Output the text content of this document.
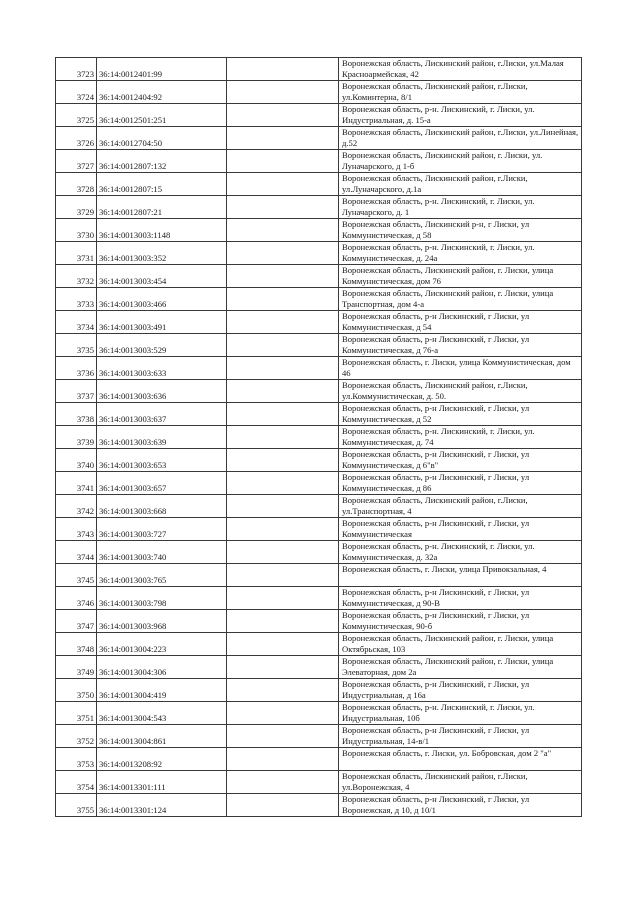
3723	36:14:0012401:99		Воронежская область, Лискинский район, г.Лиски, ул.Малая Красноармейская, 42
3724	36:14:0012404:92		Воронежская область, Лискинский район, г.Лиски, ул.Коминтерна, 8/1
3725	36:14:0012501:251		Воронежская область, р-н. Лискинский, г. Лиски, ул. Индустриальная, д. 15-а
3726	36:14:0012704:50		Воронежская область, Лискинский район, г.Лиски, ул.Линейная, д.52
3727	36:14:0012807:132		Воронежская область, Лискинский район, г. Лиски, ул. Луначарского, д 1-б
3728	36:14:0012807:15		Воронежская область, Лискинский район, г.Лиски, ул.Луначарского, д.1а
3729	36:14:0012807:21		Воронежская область, р-н. Лискинский, г. Лиски, ул. Луначарского, д. 1
3730	36:14:0013003:1148		Воронежская область, Лискинский р-н, г Лиски, ул Коммунистическая, д 58
3731	36:14:0013003:352		Воронежская область, р-н. Лискинский, г. Лиски, ул. Коммунистическая, д. 24а
3732	36:14:0013003:454		Воронежская область, Лискинский район, г. Лиски, улица Коммунистическая, дом 76
3733	36:14:0013003:466		Воронежская область, Лискинский район, г. Лиски, улица Транспортная, дом 4-а
3734	36:14:0013003:491		Воронежская область, р-н Лискинский, г Лиски, ул Коммунистическая, д 54
3735	36:14:0013003:529		Воронежская область, р-н Лискинский, г Лиски, ул Коммунистическая, д 76-а
3736	36:14:0013003:633		Воронежская область, г. Лиски, улица Коммунистическая, дом 46
3737	36:14:0013003:636		Воронежская область, Лискинский район, г.Лиски, ул.Коммунистическая, д. 50.
3738	36:14:0013003:637		Воронежская область, р-н Лискинский, г Лиски, ул Коммунистическая, д 52
3739	36:14:0013003:639		Воронежская область, р-н. Лискинский, г. Лиски, ул. Коммунистическая, д. 74
3740	36:14:0013003:653		Воронежская область, р-н Лискинский, г Лиски, ул Коммунистическая, д 6"в"
3741	36:14:0013003:657		Воронежская область, р-н Лискинский, г Лиски, ул Коммунистическая, д 86
3742	36:14:0013003:668		Воронежская область, Лискинский район, г.Лиски, ул.Транспортная, 4
3743	36:14:0013003:727		Воронежская область, р-н Лискинский, г Лиски, ул Коммунистическая
3744	36:14:0013003:740		Воронежская область, р-н. Лискинский, г. Лиски, ул. Коммунистическая, д. 32а
3745	36:14:0013003:765		Воронежская область, г. Лиски, улица Привокзальная, 4
3746	36:14:0013003:798		Воронежская область, р-н Лискинский, г Лиски, ул Коммунистическая, д 90-В
3747	36:14:0013003:968		Воронежская область, р-н Лискинский, г Лиски, ул Коммунистическая, 90-б
3748	36:14:0013004:223		Воронежская область, Лискинский район, г. Лиски, улица Октябрьская, 103
3749	36:14:0013004:306		Воронежская область, Лискинский район, г. Лиски, улица Элеваторная, дом 2а
3750	36:14:0013004:419		Воронежская область, р-н Лискинский, г Лиски, ул Индустриальная, д 16а
3751	36:14:0013004:543		Воронежская область, р-н. Лискинский, г. Лиски, ул. Индустриальная, 10б
3752	36:14:0013004:861		Воронежская область, р-н Лискинский, г Лиски, ул Индустриальная, 14-в/1
3753	36:14:0013208:92		Воронежская область, г. Лиски, ул. Бобровская, дом 2 "а"
3754	36:14:0013301:111		Воронежская область, Лискинский район, г.Лиски, ул.Воронежская, 4
3755	36:14:0013301:124		Воронежская область, р-н Лискинский, г Лиски, ул Воронежская, д 10, д 10/1
